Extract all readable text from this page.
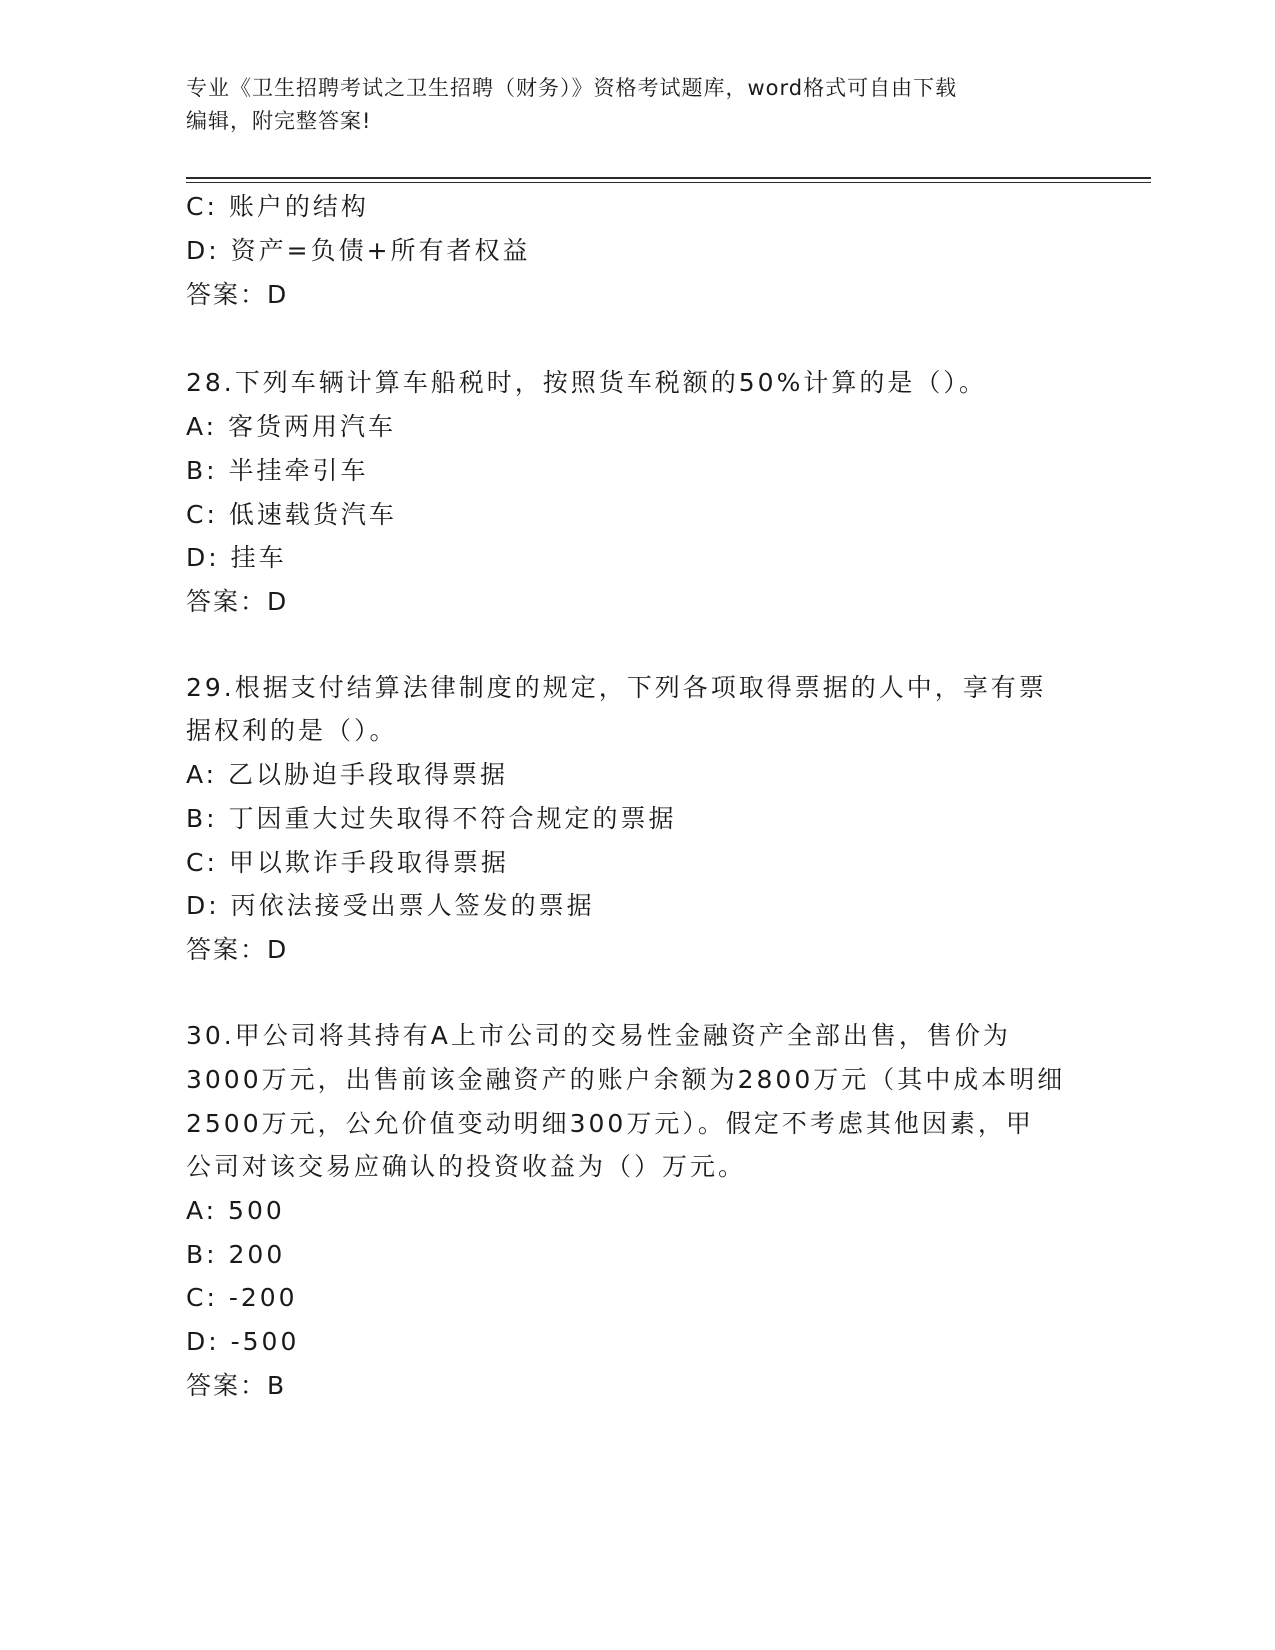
专业《卫生招聘考试之卫生招聘（财务）》资格考试题库，word格式可自由下载
编辑，附完整答案!
C: 账户的结构
D: 资产=负债+所有者权益
答案：D
28.下列车辆计算车船税时，按照货车税额的50%计算的是（）。
A: 客货两用汽车
B: 半挂牵引车
C: 低速载货汽车
D: 挂车
答案：D
29.根据支付结算法律制度的规定，下列各项取得票据的人中，享有票
据权利的是（）。
A: 乙以胁迫手段取得票据
B: 丁因重大过失取得不符合规定的票据
C: 甲以欺诈手段取得票据
D: 丙依法接受出票人签发的票据
答案：D
30.甲公司将其持有A上市公司的交易性金融资产全部出售，售价为
3000万元，出售前该金融资产的账户余额为2800万元（其中成本明细
2500万元，公允价值变动明细300万元）。假定不考虑其他因素，甲
公司对该交易应确认的投资收益为（）万元。
A: 500
B: 200
C: -200
D: -500
答案：B
